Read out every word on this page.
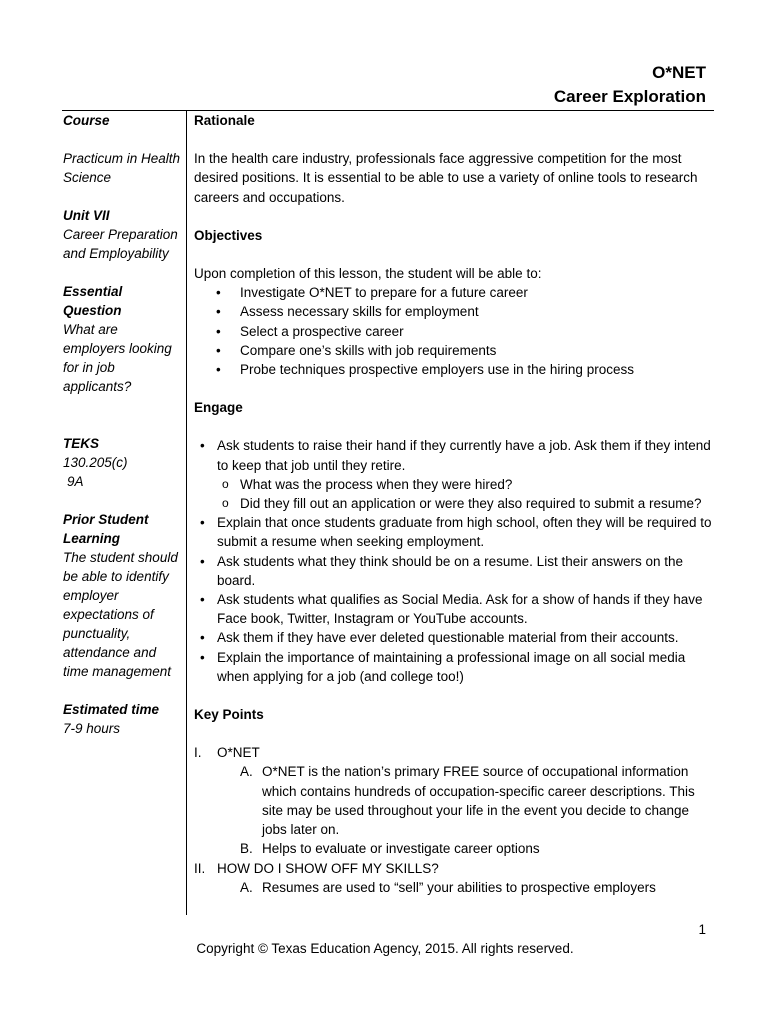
O*NET
Career Exploration
Course
Practicum in Health Science
Unit VII
Career Preparation and Employability
Essential Question
What are employers looking for in job applicants?
TEKS
130.205(c)
9A
Prior Student Learning
The student should be able to identify employer expectations of punctuality, attendance and time management
Estimated time
7-9 hours
Rationale

In the health care industry, professionals face aggressive competition for the most desired positions. It is essential to be able to use a variety of online tools to research careers and occupations.

Objectives
Upon completion of this lesson, the student will be able to:
• Investigate O*NET to prepare for a future career
• Assess necessary skills for employment
• Select a prospective career
• Compare one’s skills with job requirements
• Probe techniques prospective employers use in the hiring process
Engage
• Ask students to raise their hand if they currently have a job. Ask them if they intend to keep that job until they retire.
o What was the process when they were hired?
o Did they fill out an application or were they also required to submit a resume?
• Explain that once students graduate from high school, often they will be required to submit a resume when seeking employment.
• Ask students what they think should be on a resume. List their answers on the board.
• Ask students what qualifies as Social Media. Ask for a show of hands if they have Face book, Twitter, Instagram or YouTube accounts.
• Ask them if they have ever deleted questionable material from their accounts.
• Explain the importance of maintaining a professional image on all social media when applying for a job (and college too!)
Key Points
I. O*NET
A. O*NET is the nation’s primary FREE source of occupational information which contains hundreds of occupation-specific career descriptions. This site may be used throughout your life in the event you decide to change jobs later on.
B. Helps to evaluate or investigate career options
II. HOW DO I SHOW OFF MY SKILLS?
A. Resumes are used to “sell” your abilities to prospective employers
1
Copyright © Texas Education Agency, 2015. All rights reserved.
